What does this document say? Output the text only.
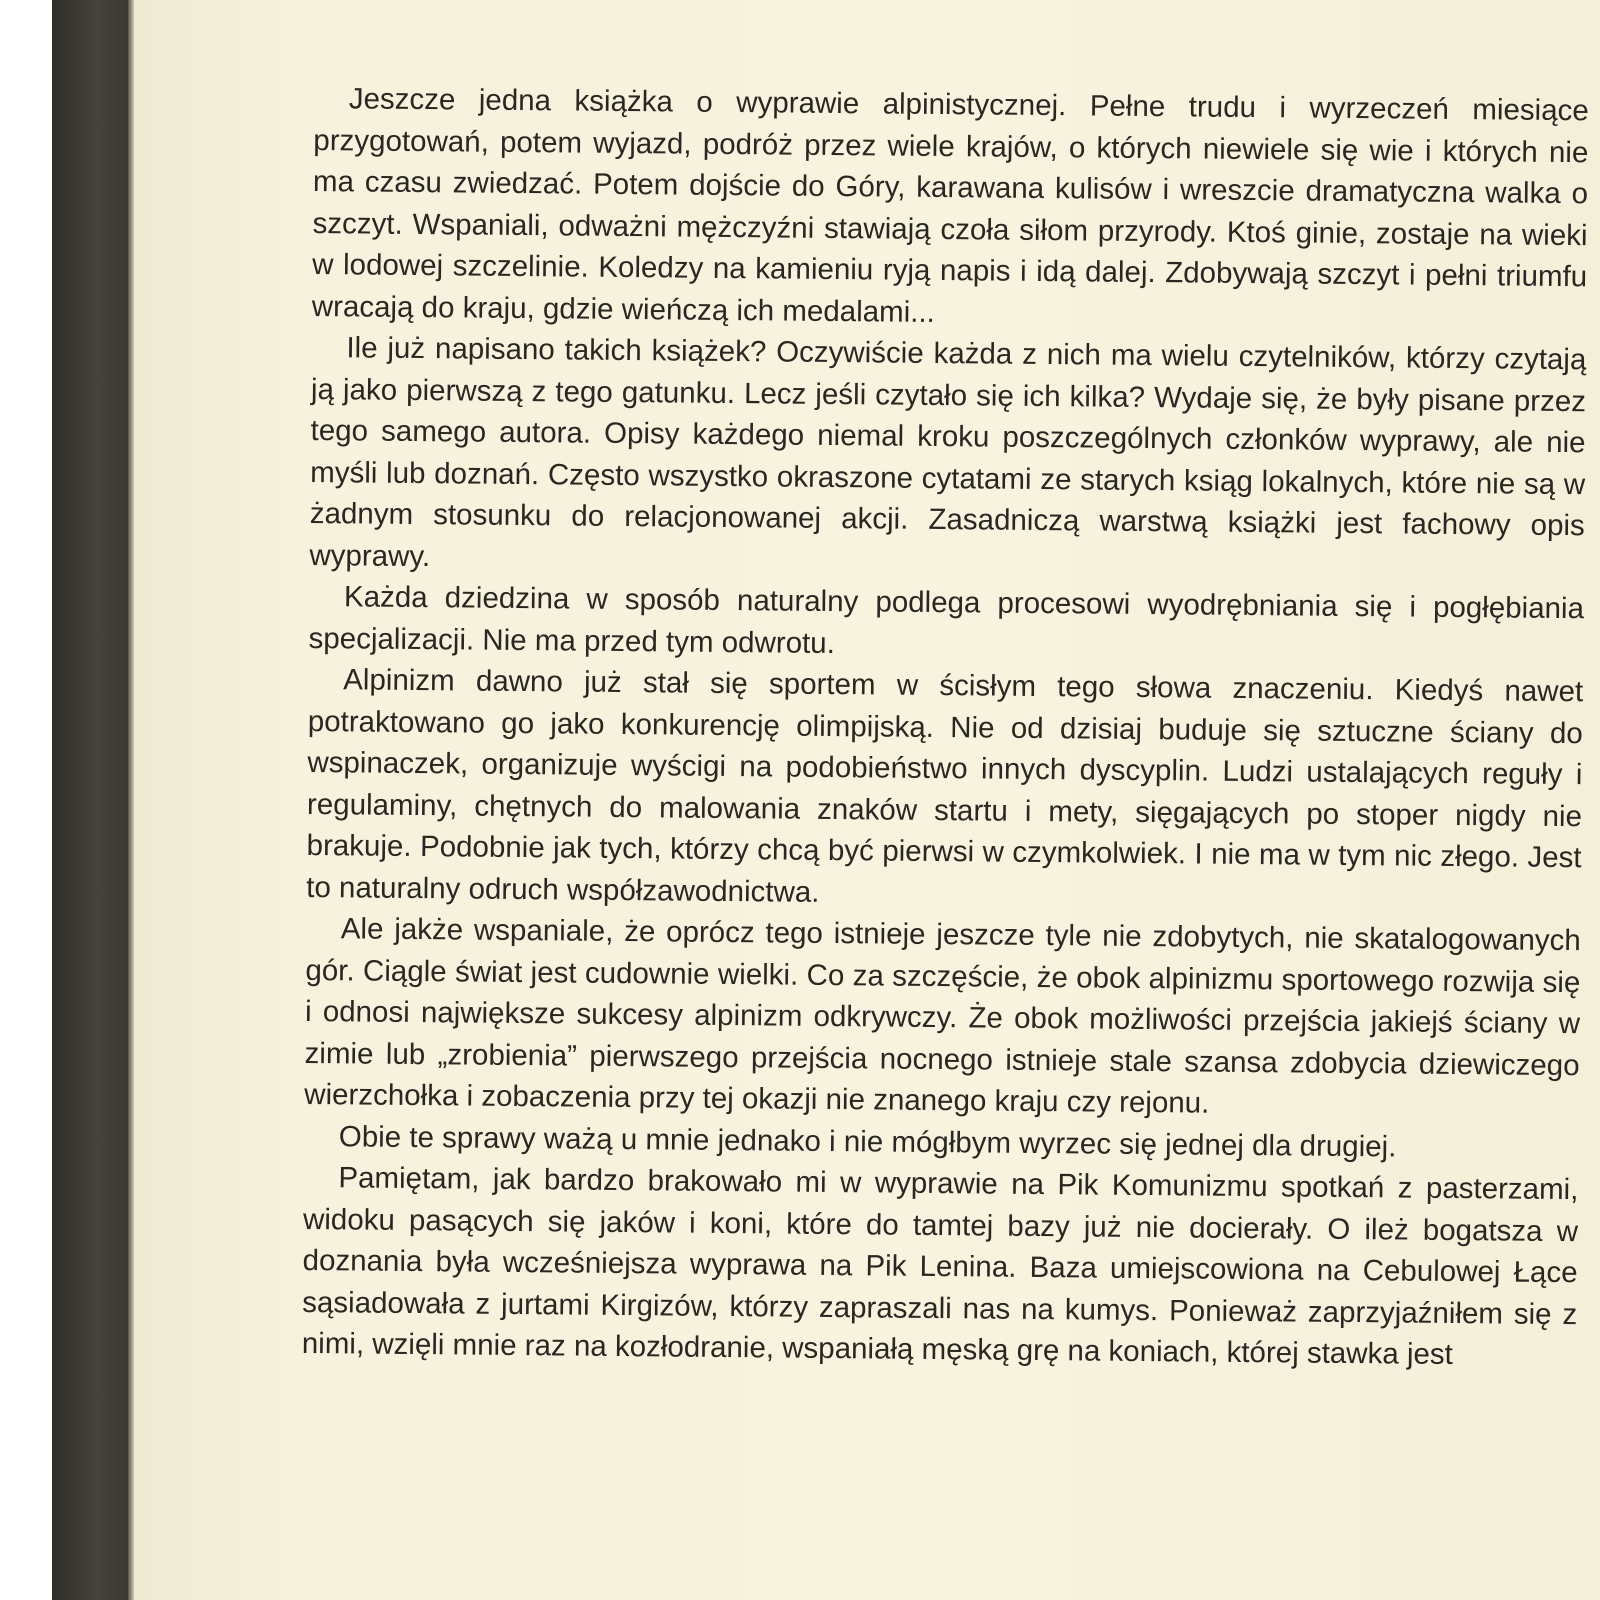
Jeszcze jedna książka o wyprawie alpinistycznej. Pełne trudu i wyrzeczeń miesiące przygotowań, potem wyjazd, podróż przez wiele krajów, o których niewiele się wie i których nie ma czasu zwiedzać. Potem dojście do Góry, karawana kulisów i wreszcie dramatyczna walka o szczyt. Wspaniali, odważni mężczyźni stawiają czoła siłom przyrody. Ktoś ginie, zostaje na wieki w lodowej szczelinie. Koledzy na kamieniu ryją napis i idą dalej. Zdobywają szczyt i pełni triumfu wracają do kraju, gdzie wieńczą ich medalami...

Ile już napisano takich książek? Oczywiście każda z nich ma wielu czytelników, którzy czytają ją jako pierwszą z tego gatunku. Lecz jeśli czytało się ich kilka? Wydaje się, że były pisane przez tego samego autora. Opisy każdego niemal kroku poszczególnych członków wyprawy, ale nie myśli lub doznań. Często wszystko okraszone cytatami ze starych ksiąg lokalnych, które nie są w żadnym stosunku do relacjonowanej akcji. Zasadniczą warstwą książki jest fachowy opis wyprawy.

Każda dziedzina w sposób naturalny podlega procesowi wyodrębniania się i pogłębiania specjalizacji. Nie ma przed tym odwrotu.

Alpinizm dawno już stał się sportem w ścisłym tego słowa znaczeniu. Kiedyś nawet potraktowano go jako konkurencję olimpijską. Nie od dzisiaj buduje się sztuczne ściany do wspinaczek, organizuje wyścigi na podobieństwo innych dyscyplin. Ludzi ustalających reguły i regulaminy, chętnych do malowania znaków startu i mety, sięgających po stoper nigdy nie brakuje. Podobnie jak tych, którzy chcą być pierwsi w czymkolwiek. I nie ma w tym nic złego. Jest to naturalny odruch współzawodnictwa.

Ale jakże wspaniale, że oprócz tego istnieje jeszcze tyle nie zdobytych, nie skatalogowanych gór. Ciągle świat jest cudownie wielki. Co za szczęście, że obok alpinizmu sportowego rozwija się i odnosi największe sukcesy alpinizm odkrywczy. Że obok możliwości przejścia jakiejś ściany w zimie lub „zrobienia” pierwszego przejścia nocnego istnieje stale szansa zdobycia dziewiczego wierzchołka i zobaczenia przy tej okazji nie znanego kraju czy rejonu.

Obie te sprawy ważą u mnie jednako i nie mógłbym wyrzec się jednej dla drugiej.

Pamiętam, jak bardzo brakowało mi w wyprawie na Pik Komunizmu spotkań z pasterzami, widoku pasących się jaków i koni, które do tamtej bazy już nie docierały. O ileż bogatsza w doznania była wcześniejsza wyprawa na Pik Lenina. Baza umiejscowiona na Cebulowej Łące sąsiadowała z jurtami Kirgizów, którzy zapraszali nas na kumys. Ponieważ zaprzyjaźniłem się z nimi, wzięli mnie raz na kozłodranie, wspaniałą męską grę na koniach, której stawka jest
